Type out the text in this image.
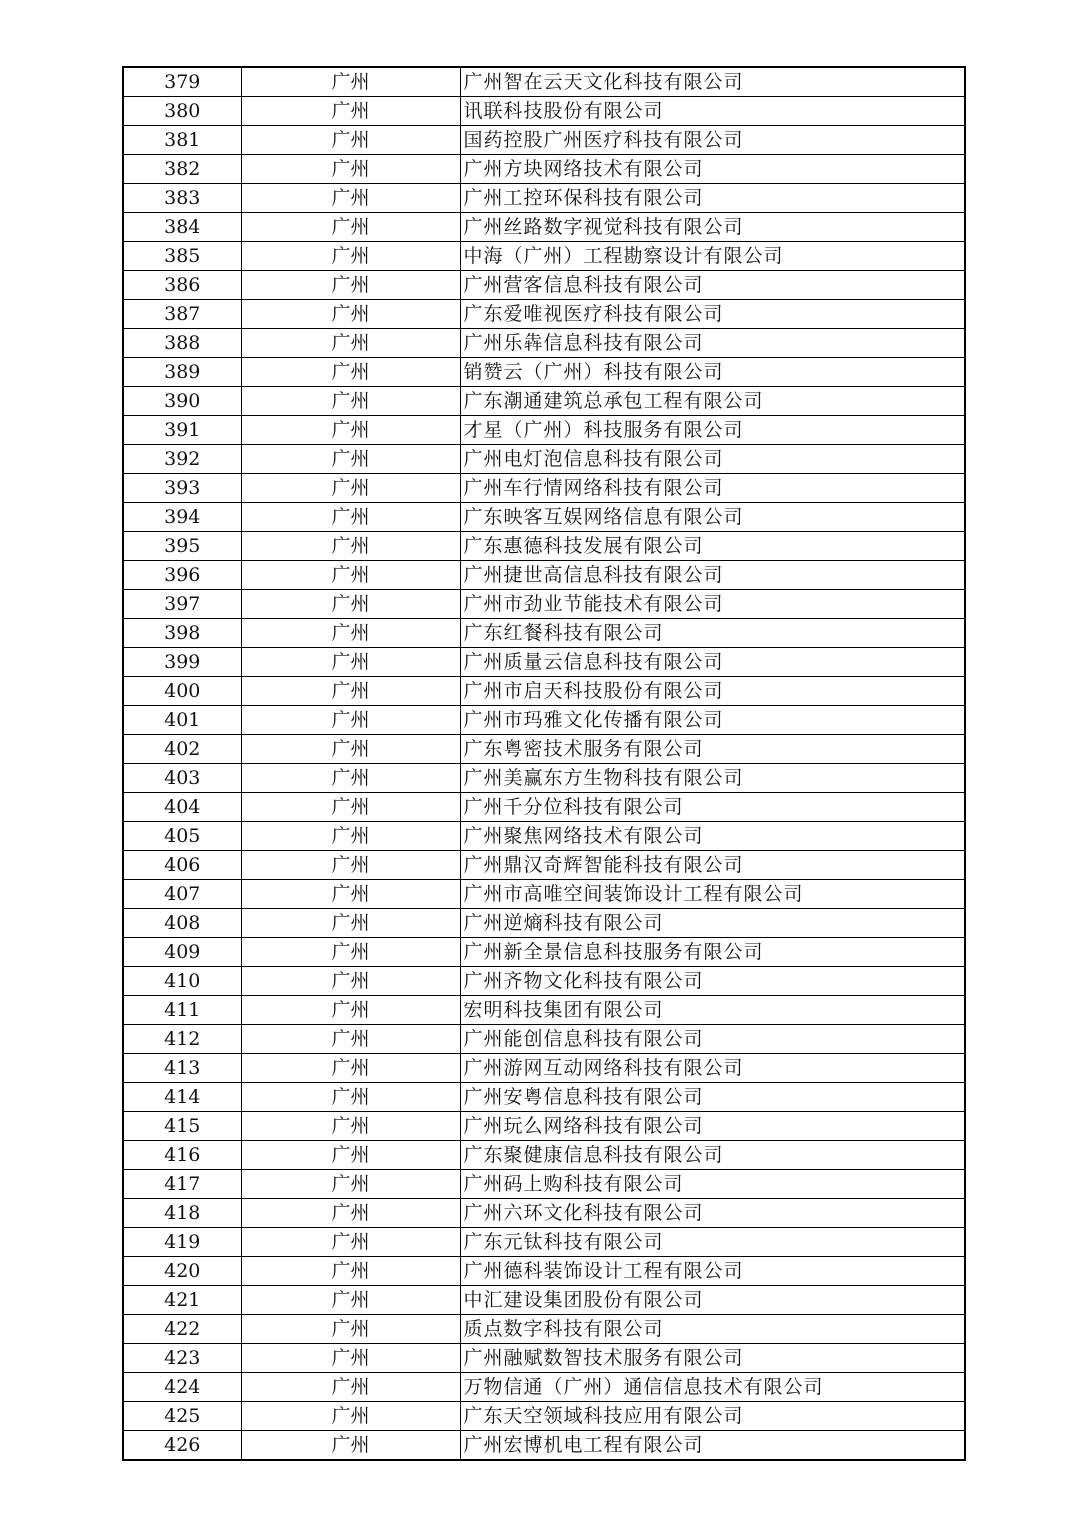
379	广州	广州智在云天文化科技有限公司
380	广州	讯联科技股份有限公司
381	广州	国药控股广州医疗科技有限公司
382	广州	广州方块网络技术有限公司
383	广州	广州工控环保科技有限公司
384	广州	广州丝路数字视觉科技有限公司
385	广州	中海（广州）工程勘察设计有限公司
386	广州	广州营客信息科技有限公司
387	广州	广东爱唯视医疗科技有限公司
388	广州	广州乐犇信息科技有限公司
389	广州	销赞云（广州）科技有限公司
390	广州	广东潮通建筑总承包工程有限公司
391	广州	才星（广州）科技服务有限公司
392	广州	广州电灯泡信息科技有限公司
393	广州	广州车行情网络科技有限公司
394	广州	广东映客互娱网络信息有限公司
395	广州	广东惠德科技发展有限公司
396	广州	广州捷世高信息科技有限公司
397	广州	广州市劲业节能技术有限公司
398	广州	广东红餐科技有限公司
399	广州	广州质量云信息科技有限公司
400	广州	广州市启天科技股份有限公司
401	广州	广州市玛雅文化传播有限公司
402	广州	广东粤密技术服务有限公司
403	广州	广州美赢东方生物科技有限公司
404	广州	广州千分位科技有限公司
405	广州	广州聚焦网络技术有限公司
406	广州	广州鼎汉奇辉智能科技有限公司
407	广州	广州市高唯空间装饰设计工程有限公司
408	广州	广州逆熵科技有限公司
409	广州	广州新全景信息科技服务有限公司
410	广州	广州齐物文化科技有限公司
411	广州	宏明科技集团有限公司
412	广州	广州能创信息科技有限公司
413	广州	广州游网互动网络科技有限公司
414	广州	广州安粤信息科技有限公司
415	广州	广州玩么网络科技有限公司
416	广州	广东聚健康信息科技有限公司
417	广州	广州码上购科技有限公司
418	广州	广州六环文化科技有限公司
419	广州	广东元钛科技有限公司
420	广州	广州德科装饰设计工程有限公司
421	广州	中汇建设集团股份有限公司
422	广州	质点数字科技有限公司
423	广州	广州融赋数智技术服务有限公司
424	广州	万物信通（广州）通信信息技术有限公司
425	广州	广东天空领域科技应用有限公司
426	广州	广州宏博机电工程有限公司
